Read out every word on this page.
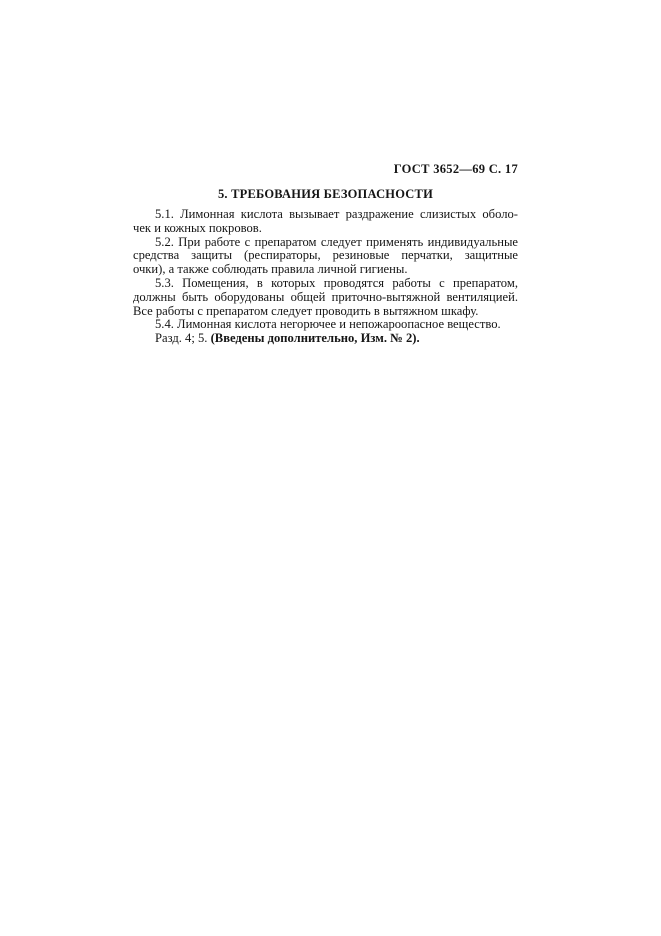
ГОСТ 3652—69 С. 17
5. ТРЕБОВАНИЯ БЕЗОПАСНОСТИ
5.1. Лимонная кислота вызывает раздражение слизистых оболо-
чек и кожных покровов.
5.2. При работе с препаратом следует применять индивидуальные
средства защиты (респираторы, резиновые перчатки, защитные
очки), а также соблюдать правила личной гигиены.
5.3. Помещения, в которых проводятся работы с препаратом,
должны быть оборудованы общей приточно-вытяжной вентиляцией.
Все работы с препаратом следует проводить в вытяжном шкафу.
5.4. Лимонная кислота негорючее и непожароопасное вещество.
Разд. 4; 5. (Введены дополнительно, Изм. № 2).
